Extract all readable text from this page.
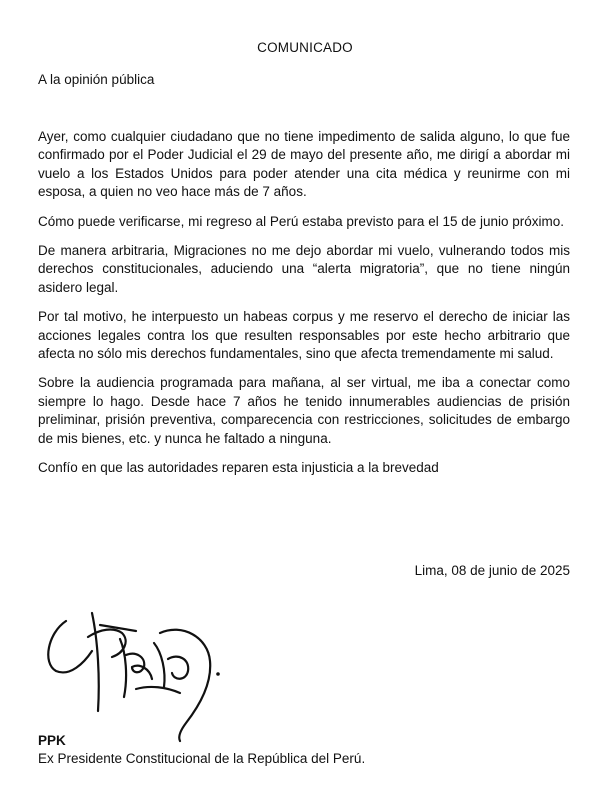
COMUNICADO
A la opinión pública

Ayer, como cualquier ciudadano que no tiene impedimento de salida alguno, lo que fue confirmado por el Poder Judicial el 29 de mayo del presente año, me dirigí a abordar mi vuelo a los Estados Unidos para poder atender una cita médica y reunirme con mi esposa, a quien no veo hace más de 7 años.

Cómo puede verificarse, mi regreso al Perú estaba previsto para el 15 de junio próximo.

De manera arbitraria, Migraciones no me dejo abordar mi vuelo, vulnerando todos mis derechos constitucionales, aduciendo una “alerta migratoria”, que no tiene ningún asidero legal.

Por tal motivo, he interpuesto un habeas corpus y me reservo el derecho de iniciar las acciones legales contra los que resulten responsables por este hecho arbitrario que afecta no sólo mis derechos fundamentales, sino que afecta tremendamente mi salud.

Sobre la audiencia programada para mañana, al ser virtual, me iba a conectar como siempre lo hago. Desde hace 7 años he tenido innumerables audiencias de prisión preliminar, prisión preventiva, comparecencia con restricciones, solicitudes de embargo de mis bienes, etc. y nunca he faltado a ninguna.

Confío en que las autoridades reparen esta injusticia a la brevedad

Lima, 08 de junio de 2025
PPK
Ex Presidente Constitucional de la República del Perú.
